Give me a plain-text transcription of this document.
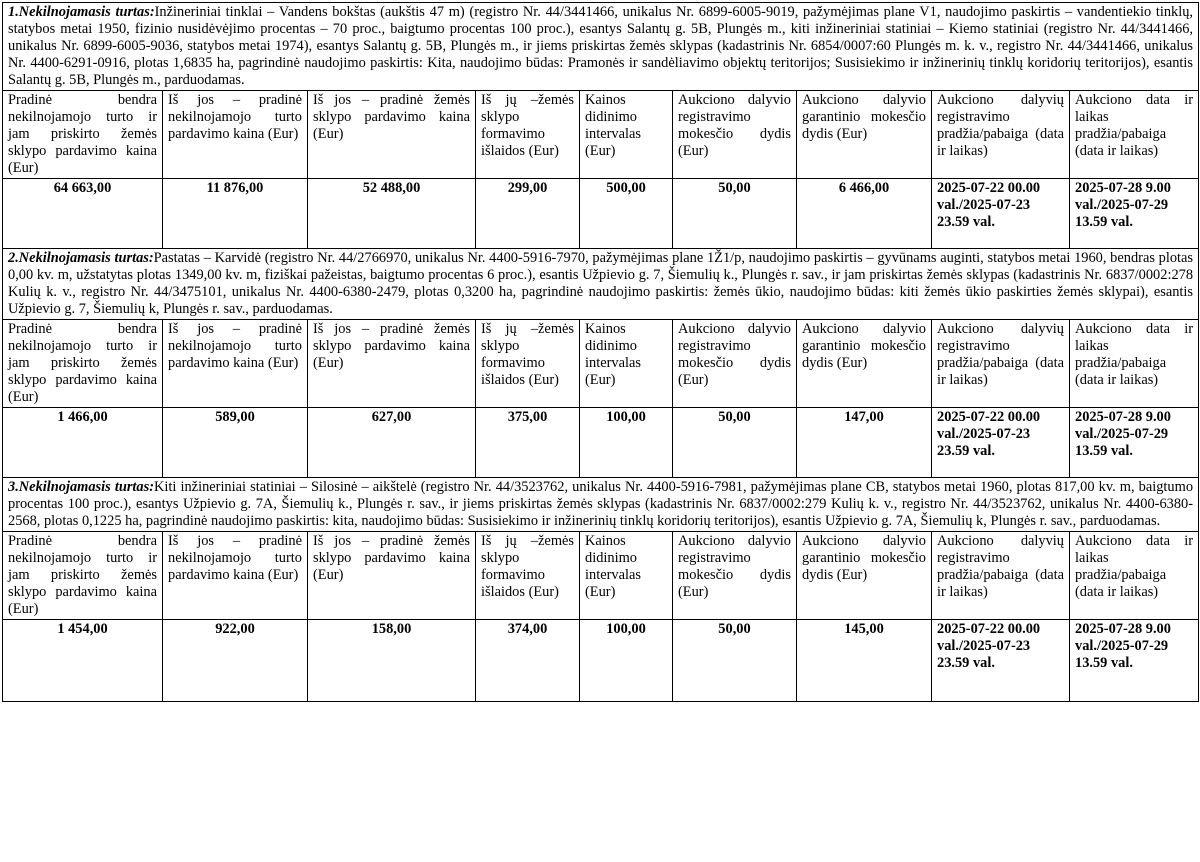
1.Nekilnojamasis turtas:Inžineriniai tinklai – Vandens bokštas (aukštis 47 m) (registro Nr. 44/3441466, unikalus Nr. 6899-6005-9019, pažymėjimas plane V1, naudojimo paskirtis – vandentiekio tinklų, statybos metai 1950, fizinio nusidėvėjimo procentas – 70 proc., baigtumo procentas 100 proc.), esantys Salantų g. 5B, Plungės m., kiti inžineriniai statiniai – Kiemo statiniai (registro Nr. 44/3441466, unikalus Nr. 6899-6005-9036, statybos metai 1974), esantys Salantų g. 5B, Plungės m., ir jiems priskirtas žemės sklypas (kadastrinis Nr. 6854/0007:60 Plungės m. k. v., registro Nr. 44/3441466, unikalus Nr. 4400-6291-0916, plotas 1,6835 ha, pagrindinė naudojimo paskirtis: Kita, naudojimo būdas: Pramonės ir sandėliavimo objektų teritorijos; Susisiekimo ir inžinerinių tinklų koridorių teritorijos), esantis Salantų g. 5B, Plungės m., parduodamas.								
Pradinė bendra nekilnojamojo turto ir jam priskirto žemės sklypo pardavimo kaina (Eur)	Iš jos – pradinė nekilnojamojo turto pardavimo kaina (Eur)	Iš jos – pradinė žemės sklypo pardavimo kaina (Eur)	Iš jų –žemės sklypo formavimo išlaidos (Eur)	Kainos didinimo intervalas (Eur)	Aukciono dalyvio registravimo mokesčio dydis (Eur)	Aukciono dalyvio garantinio mokesčio dydis (Eur)	Aukciono dalyvių registravimo pradžia/pabaiga (data ir laikas)	Aukciono data ir laikas pradžia/pabaiga (data ir laikas)
64 663,00	11 876,00	52 488,00	299,00	500,00	50,00	6 466,00	2025-07-22 00.00 val./2025-07-23 23.59 val.	2025-07-28 9.00 val./2025-07-29 13.59 val.
2.Nekilnojamasis turtas:Pastatas – Karvidė (registro Nr. 44/2766970, unikalus Nr. 4400-5916-7970, pažymėjimas plane 1Ž1/p, naudojimo paskirtis – gyvūnams auginti, statybos metai 1960, bendras plotas 0,00 kv. m, užstatytas plotas 1349,00 kv. m, fiziškai pažeistas, baigtumo procentas 6 proc.), esantis Užpievio g. 7, Šiemulių k., Plungės r. sav., ir jam priskirtas žemės sklypas (kadastrinis Nr. 6837/0002:278 Kulių k. v., registro Nr. 44/3475101, unikalus Nr. 4400-6380-2479, plotas 0,3200 ha, pagrindinė naudojimo paskirtis: žemės ūkio, naudojimo būdas: kiti žemės ūkio paskirties žemės sklypai), esantis Užpievio g. 7, Šiemulių k, Plungės r. sav., parduodamas.								
Pradinė bendra nekilnojamojo turto ir jam priskirto žemės sklypo pardavimo kaina (Eur)	Iš jos – pradinė nekilnojamojo turto pardavimo kaina (Eur)	Iš jos – pradinė žemės sklypo pardavimo kaina (Eur)	Iš jų –žemės sklypo formavimo išlaidos (Eur)	Kainos didinimo intervalas (Eur)	Aukciono dalyvio registravimo mokesčio dydis (Eur)	Aukciono dalyvio garantinio mokesčio dydis (Eur)	Aukciono dalyvių registravimo pradžia/pabaiga (data ir laikas)	Aukciono data ir laikas pradžia/pabaiga (data ir laikas)
1 466,00	589,00	627,00	375,00	100,00	50,00	147,00	2025-07-22 00.00 val./2025-07-23 23.59 val.	2025-07-28 9.00 val./2025-07-29 13.59 val.
3.Nekilnojamasis turtas:Kiti inžineriniai statiniai – Silosinė – aikštelė (registro Nr. 44/3523762, unikalus Nr. 4400-5916-7981, pažymėjimas plane CB, statybos metai 1960, plotas 817,00 kv. m, baigtumo procentas 100 proc.), esantys Užpievio g. 7A, Šiemulių k., Plungės r. sav., ir jiems priskirtas žemės sklypas (kadastrinis Nr. 6837/0002:279 Kulių k. v., registro Nr. 44/3523762, unikalus Nr. 4400-6380-2568, plotas 0,1225 ha, pagrindinė naudojimo paskirtis: kita, naudojimo būdas: Susisiekimo ir inžinerinių tinklų koridorių teritorijos), esantis Užpievio g. 7A, Šiemulių k, Plungės r. sav., parduodamas.								
Pradinė bendra nekilnojamojo turto ir jam priskirto žemės sklypo pardavimo kaina (Eur)	Iš jos – pradinė nekilnojamojo turto pardavimo kaina (Eur)	Iš jos – pradinė žemės sklypo pardavimo kaina (Eur)	Iš jų –žemės sklypo formavimo išlaidos (Eur)	Kainos didinimo intervalas (Eur)	Aukciono dalyvio registravimo mokesčio dydis (Eur)	Aukciono dalyvio garantinio mokesčio dydis (Eur)	Aukciono dalyvių registravimo pradžia/pabaiga (data ir laikas)	Aukciono data ir laikas pradžia/pabaiga (data ir laikas)
1 454,00	922,00	158,00	374,00	100,00	50,00	145,00	2025-07-22 00.00 val./2025-07-23 23.59 val.	2025-07-28 9.00 val./2025-07-29 13.59 val.
